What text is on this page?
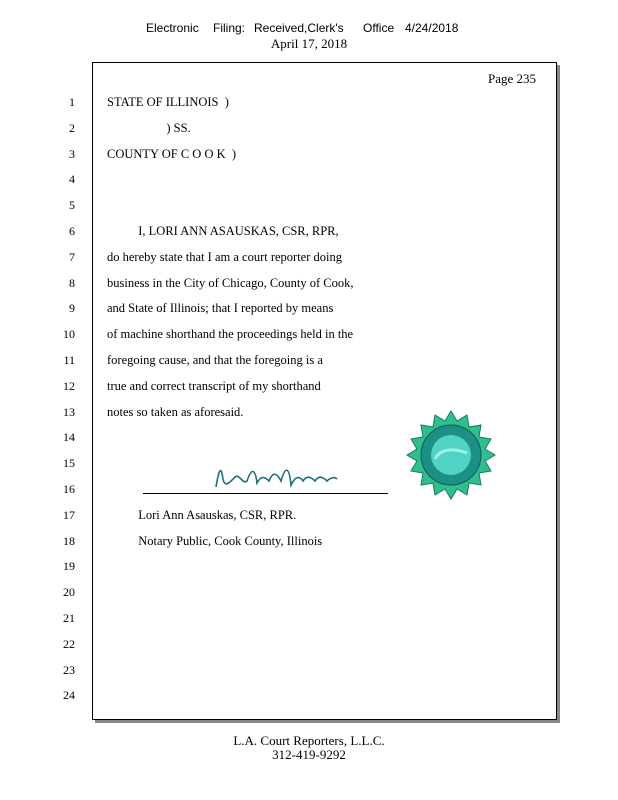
Electronic Filing: Received,Clerk's Office 4/24/2018
April 17, 2018
Page 235
1	STATE OF ILLINOIS  )
2	) SS.
3	COUNTY OF C O O K  )
4
5
6	I, LORI ANN ASAUSKAS, CSR, RPR,
7	do hereby state that I am a court reporter doing
8	business in the City of Chicago, County of Cook,
9	and State of Illinois; that I reported by means
10	of machine shorthand the proceedings held in the
11	foregoing cause, and that the foregoing is a
12	true and correct transcript of my shorthand
13	notes so taken as aforesaid.
14
15
16
17	Lori Ann Asauskas, CSR, RPR.
18	Notary Public, Cook County, Illinois
19
20
21
22
23
24
L.A. Court Reporters, L.L.C.
312-419-9292
